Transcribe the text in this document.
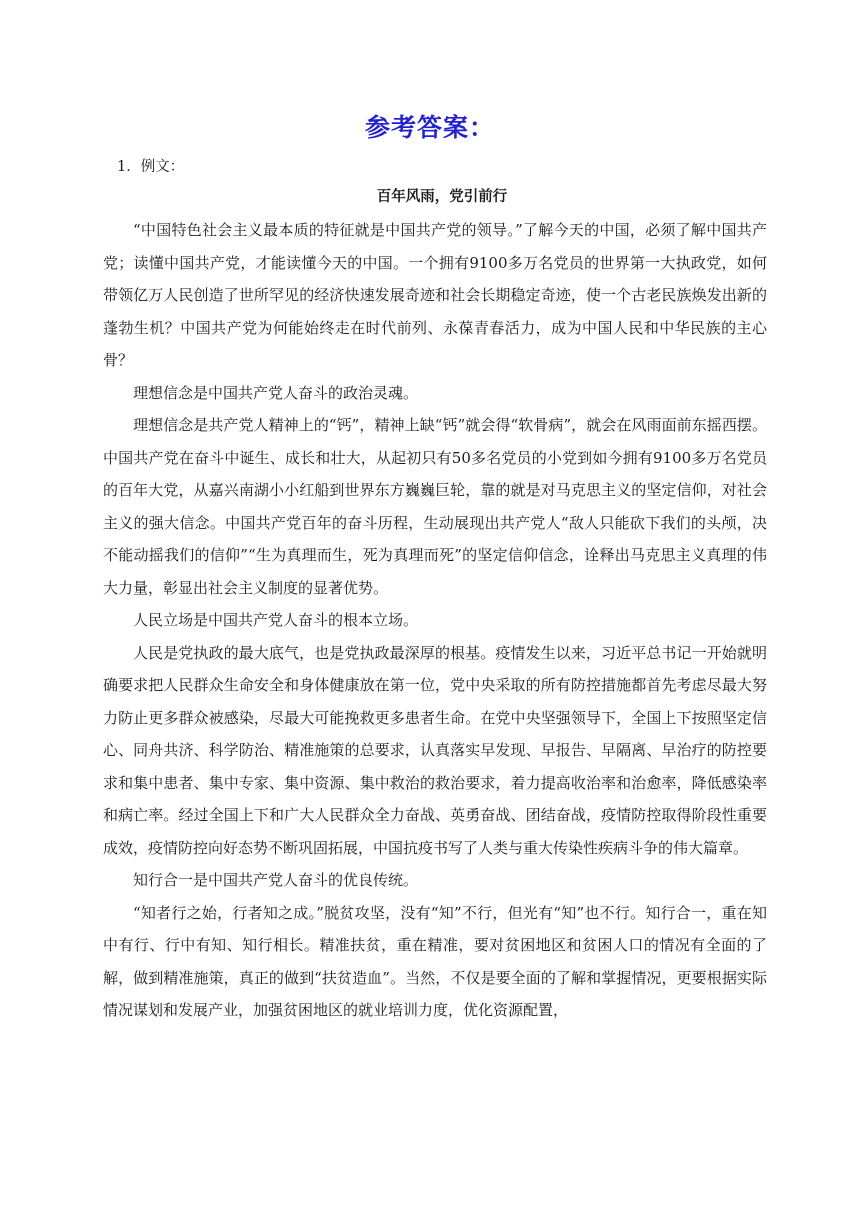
参考答案：
1．例文：
百年风雨，党引前行

“中国特色社会主义最本质的特征就是中国共产党的领导。”了解今天的中国，必须了解中国共产党；读懂中国共产党，才能读懂今天的中国。一个拥有9100多万名党员的世界第一大执政党，如何带领亿万人民创造了世所罕见的经济快速发展奇迹和社会长期稳定奇迹，使一个古老民族焕发出新的蓬勃生机？中国共产党为何能始终走在时代前列、永葆青春活力，成为中国人民和中华民族的主心骨？

理想信念是中国共产党人奋斗的政治灵魂。

理想信念是共产党人精神上的“钙”，精神上缺“钙”就会得“软骨病”，就会在风雨面前东摇西摆。中国共产党在奋斗中诞生、成长和壮大，从起初只有50多名党员的小党到如今拥有9100多万名党员的百年大党，从嘉兴南湖小小红船到世界东方巍巍巨轮，靠的就是对马克思主义的坚定信仰，对社会主义的强大信念。中国共产党百年的奋斗历程，生动展现出共产党人“敌人只能砍下我们的头颅，决不能动摇我们的信仰”“生为真理而生，死为真理而死”的坚定信仰信念，诠释出马克思主义真理的伟大力量，彰显出社会主义制度的显著优势。

人民立场是中国共产党人奋斗的根本立场。

人民是党执政的最大底气，也是党执政最深厚的根基。疫情发生以来，习近平总书记一开始就明确要求把人民群众生命安全和身体健康放在第一位，党中央采取的所有防控措施都首先考虑尽最大努力防止更多群众被感染，尽最大可能挽救更多患者生命。在党中央坚强领导下，全国上下按照坚定信心、同舟共济、科学防治、精准施策的总要求，认真落实早发现、早报告、早隔离、早治疗的防控要求和集中患者、集中专家、集中资源、集中救治的救治要求，着力提高收治率和治愈率，降低感染率和病亡率。经过全国上下和广大人民群众全力奋战、英勇奋战、团结奋战，疫情防控取得阶段性重要成效，疫情防控向好态势不断巩固拓展，中国抗疫书写了人类与重大传染性疾病斗争的伟大篇章。

知行合一是中国共产党人奋斗的优良传统。

“知者行之始，行者知之成。”脱贫攻坚，没有“知”不行，但光有“知”也不行。知行合一，重在知中有行、行中有知、知行相长。精准扶贫，重在精准，要对贫困地区和贫困人口的情况有全面的了解，做到精准施策，真正的做到“扶贫造血”。当然，不仅是要全面的了解和掌握情况，更要根据实际情况谋划和发展产业，加强贫困地区的就业培训力度，优化资源配置，
